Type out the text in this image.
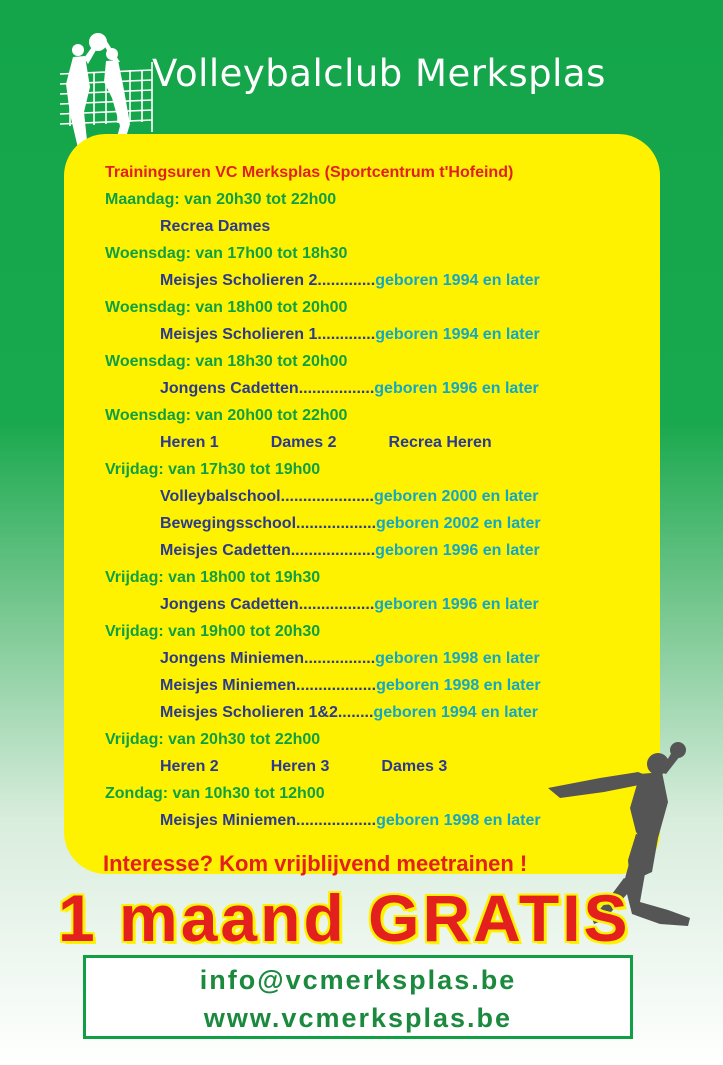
Volleybalclub Merksplas
Trainingsuren VC Merksplas (Sportcentrum t'Hofeind)
Maandag: van 20h30 tot 22h00
Recrea Dames
Woensdag: van 17h00 tot 18h30
Meisjes Scholieren 2.............geboren 1994 en later
Woensdag: van 18h00 tot 20h00
Meisjes Scholieren 1.............geboren 1994 en later
Woensdag: van 18h30 tot 20h00
Jongens Cadetten.................geboren 1996 en later
Woensdag: van 20h00 tot 22h00
Heren 1	Dames 2	Recrea Heren
Vrijdag: van 17h30 tot 19h00
Volleybalschool.....................geboren 2000 en later
Bewegingsschool..................geboren 2002 en later
Meisjes Cadetten...................geboren 1996 en later
Vrijdag: van 18h00 tot 19h30
Jongens Cadetten.................geboren 1996 en later
Vrijdag: van 19h00 tot 20h30
Jongens Miniemen................geboren 1998 en later
Meisjes Miniemen..................geboren 1998 en later
Meisjes Scholieren 1&2........geboren 1994 en later
Vrijdag: van 20h30 tot 22h00
Heren 2	Heren 3	Dames 3
Zondag: van 10h30 tot 12h00
Meisjes Miniemen..................geboren 1998 en later
Interesse? Kom vrijblijvend meetrainen !
1 maand GRATIS
info@vcmerksplas.be
www.vcmerksplas.be
